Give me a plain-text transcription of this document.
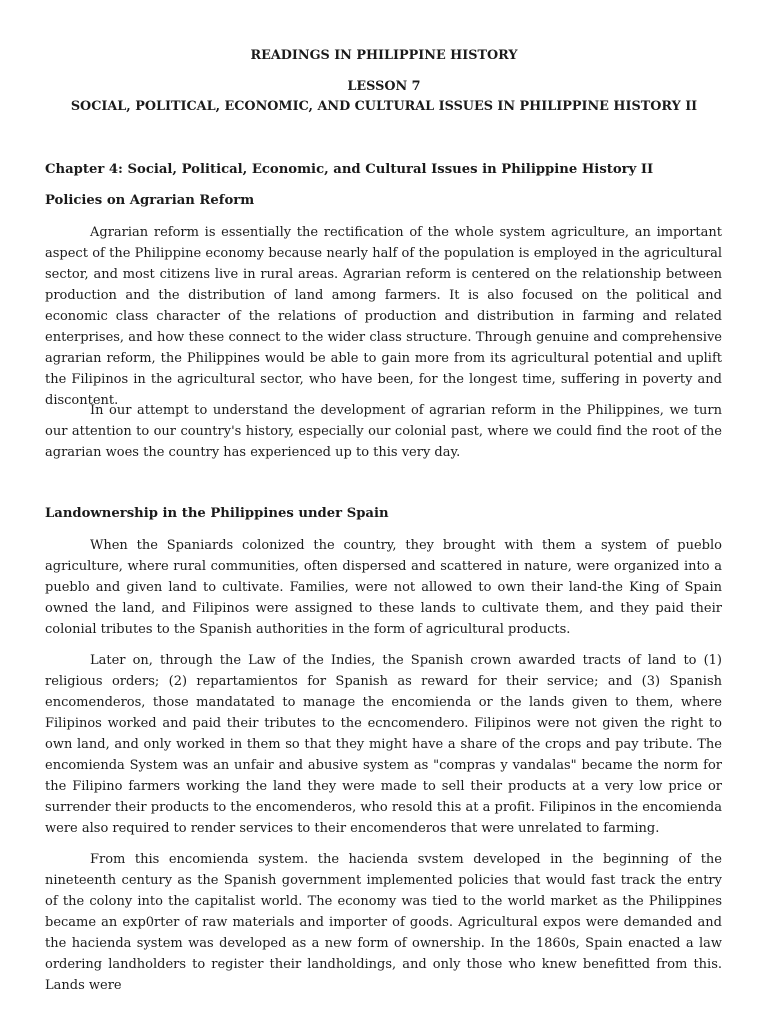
READINGS IN PHILIPPINE HISTORY
LESSON 7
SOCIAL, POLITICAL, ECONOMIC, AND CULTURAL ISSUES IN PHILIPPINE HISTORY II
Chapter 4: Social, Political, Economic, and Cultural Issues in Philippine History II
Policies on Agrarian Reform

Agrarian reform is essentially the rectification of the whole system agriculture, an important aspect of the Philippine economy because nearly half of the population is employed in the agricultural sector, and most citizens live in rural areas. Agrarian reform is centered on the relationship between production and the distribution of land among farmers. It is also focused on the political and economic class character of the relations of production and distribution in farming and related enterprises, and how these connect to the wider class structure. Through genuine and comprehensive agrarian reform, the Philippines would be able to gain more from its agricultural potential and uplift the Filipinos in the agricultural sector, who have been, for the longest time, suffering in poverty and discontent.

In our attempt to understand the development of agrarian reform in the Philippines, we turn our attention to our country's history, especially our colonial past, where we could find the root of the agrarian woes the country has experienced up to this very day.

Landownership in the Philippines under Spain

When the Spaniards colonized the country, they brought with them a system of pueblo agriculture, where rural communities, often dispersed and scattered in nature, were organized into a pueblo and given land to cultivate. Families, were not allowed to own their land-the King of Spain owned the land, and Filipinos were assigned to these lands to cultivate them, and they paid their colonial tributes to the Spanish authorities in the form of agricultural products.

Later on, through the Law of the Indies, the Spanish crown awarded tracts of land to (1) religious orders; (2) repartamientos for Spanish as reward for their service; and (3) Spanish encomenderos, those mandatated to manage the encomienda or the lands given to them, where Filipinos worked and paid their tributes to the ecncomendero. Filipinos were not given the right to own land, and only worked in them so that they might have a share of the crops and pay tribute. The encomienda System was an unfair and abusive system as "compras y vandalas" became the norm for the Filipino farmers working the land they were made to sell their products at a very low price or surrender their products to the encomenderos, who resold this at a profit. Filipinos in the encomienda were also required to render services to their encomenderos that were unrelated to farming.

From this encomienda system. the hacienda svstem developed in the beginning of the nineteenth century as the Spanish government implemented policies that would fast track the entry of the colony into the capitalist world. The economy was tied to the world market as the Philippines became an exp0rter of raw materials and importer of goods. Agricultural expos were demanded and the hacienda system was developed as a new form of ownership. In the 1860s, Spain enacted a law ordering landholders to register their landholdings, and only those who knew benefitted from this. Lands were
